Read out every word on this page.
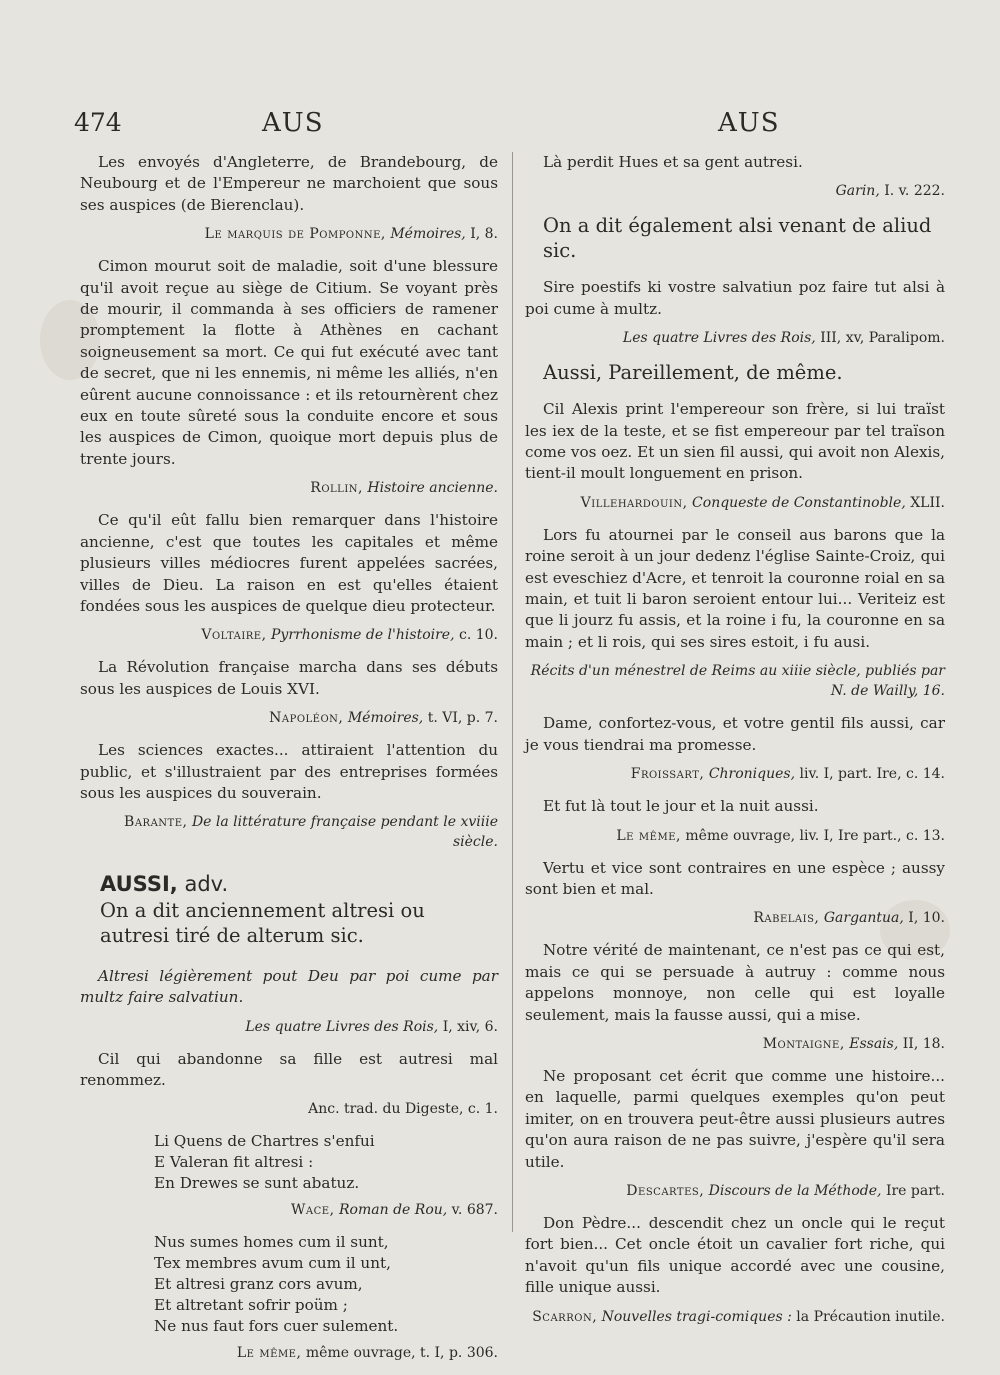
474	AUS	AUS

Les envoyés d'Angleterre, de Brandebourg, de Neubourg et de l'Empereur ne marchoient que sous ses auspices (de Bierenclau).

Le marquis de Pomponne, Mémoires, I, 8.

Cimon mourut soit de maladie, soit d'une blessure qu'il avoit reçue au siège de Citium. Se voyant près de mourir, il commanda à ses officiers de ramener promptement la flotte à Athènes en cachant soigneusement sa mort. Ce qui fut exécuté avec tant de secret, que ni les ennemis, ni même les alliés, n'en eûrent aucune connoissance : et ils retournèrent chez eux en toute sûreté sous la conduite encore et sous les auspices de Cimon, quoique mort depuis plus de trente jours.

Rollin, Histoire ancienne.

Ce qu'il eût fallu bien remarquer dans l'histoire ancienne, c'est que toutes les capitales et même plusieurs villes médiocres furent appelées sacrées, villes de Dieu. La raison en est qu'elles étaient fondées sous les auspices de quelque dieu protecteur.

Voltaire, Pyrrhonisme de l'histoire, c. 10.

La Révolution française marcha dans ses débuts sous les auspices de Louis XVI.

Napoléon, Mémoires, t. VI, p. 7.

Les sciences exactes... attiraient l'attention du public, et s'illustraient par des entreprises formées sous les auspices du souverain.

Barante, De la littérature française pendant le xviiie siècle.
AUSSI, adv.
On a dit anciennement altresi ou autresi tiré de alterum sic.

Altresi légièrement pout Deu par poi cume par multz faire salvatiun.

Les quatre Livres des Rois, I, xiv, 6.

Cil qui abandonne sa fille est autresi mal renommez.

Anc. trad. du Digeste, c. 1.
Li Quens de Chartres s'enfui
E Valeran fit altresi :
En Drewes se sunt abatuz.
Wace, Roman de Rou, v. 687.
Nus sumes homes cum il sunt,
Tex membres avum cum il unt,
Et altresi granz cors avum,
Et altretant sofrir poüm ;
Ne nus faut fors cuer sulement.
Le même, même ouvrage, t. I, p. 306.

Là perdit Hues et sa gent autresi.

Garin, I. v. 222.
On a dit également alsi venant de aliud sic.

Sire poestifs ki vostre salvatiun poz faire tut alsi à poi cume à multz.

Les quatre Livres des Rois, III, xv, Paralipom.
Aussi, Pareillement, de même.

Cil Alexis print l'empereour son frère, si lui traïst les iex de la teste, et se fist empereour par tel traïson come vos oez. Et un sien fil aussi, qui avoit non Alexis, tient-il moult longuement en prison.

Villehardouin, Conqueste de Constantinoble, XLII.

Lors fu atournei par le conseil aus barons que la roine seroit à un jour dedenz l'église Sainte-Croiz, qui est eveschiez d'Acre, et tenroit la couronne roial en sa main, et tuit li baron seroient entour lui... Veriteiz est que li jourz fu assis, et la roine i fu, la couronne en sa main ; et li rois, qui ses sires estoit, i fu ausi.

Récits d'un ménestrel de Reims au xiiie siècle, publiés par N. de Wailly, 16.

Dame, confortez-vous, et votre gentil fils aussi, car je vous tiendrai ma promesse.

Froissart, Chroniques, liv. I, part. Ire, c. 14.

Et fut là tout le jour et la nuit aussi.

Le même, même ouvrage, liv. I, Ire part., c. 13.

Vertu et vice sont contraires en une espèce ; aussy sont bien et mal.

Rabelais, Gargantua, I, 10.

Notre vérité de maintenant, ce n'est pas ce qui est, mais ce qui se persuade à autruy : comme nous appelons monnoye, non celle qui est loyalle seulement, mais la fausse aussi, qui a mise.

Montaigne, Essais, II, 18.

Ne proposant cet écrit que comme une histoire... en laquelle, parmi quelques exemples qu'on peut imiter, on en trouvera peut-être aussi plusieurs autres qu'on aura raison de ne pas suivre, j'espère qu'il sera utile.

Descartes, Discours de la Méthode, Ire part.

Don Pèdre... descendit chez un oncle qui le reçut fort bien... Cet oncle étoit un cavalier fort riche, qui n'avoit qu'un fils unique accordé avec une cousine, fille unique aussi.

Scarron, Nouvelles tragi-comiques : la Précaution inutile.
